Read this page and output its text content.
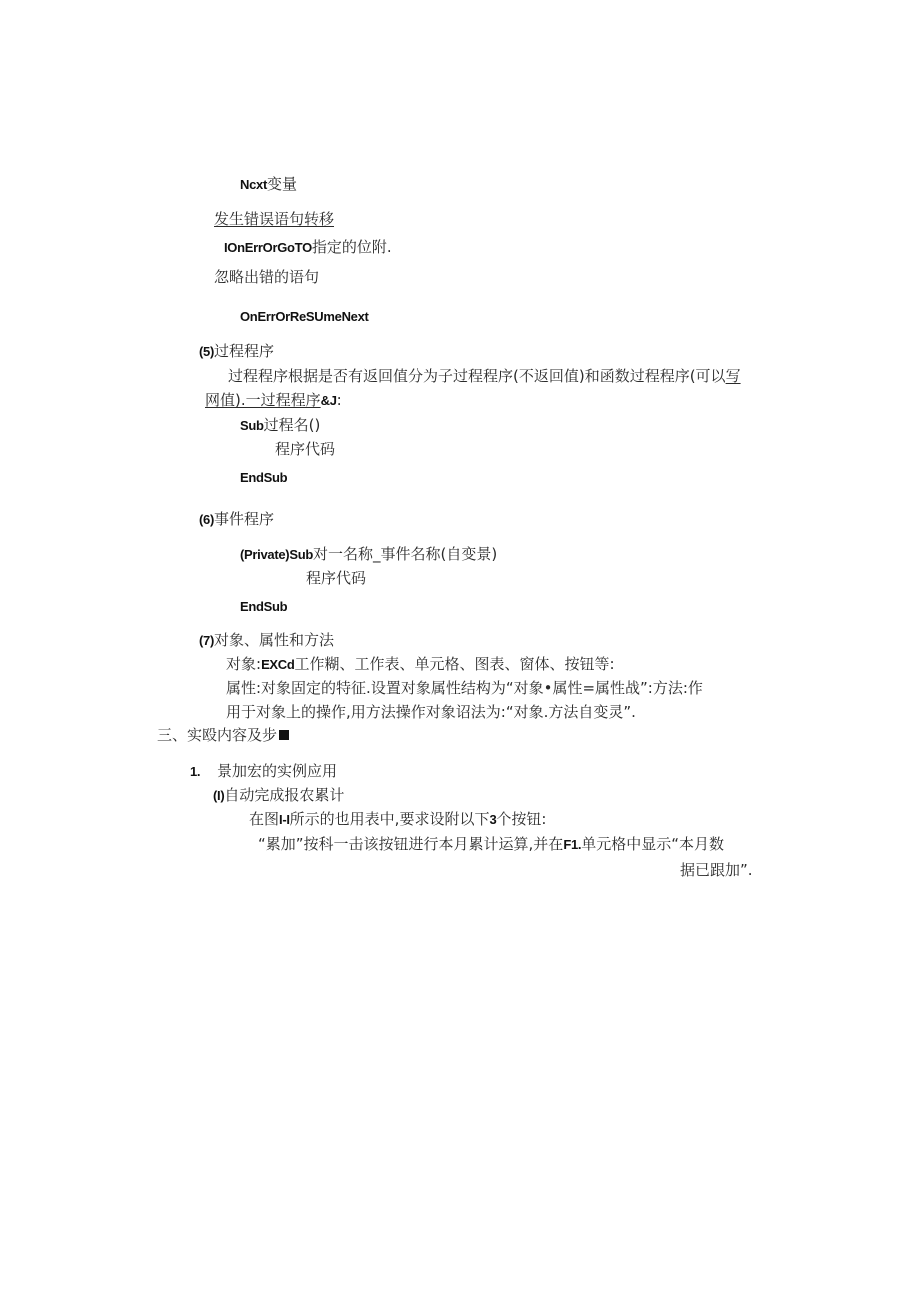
Ncxt变量
发生错误语句转移
IOnErrOrGoTO指定的位附.
忽略出错的语句
OnErrOrReSUmeNext
(5)过程程序
过程程序根据是否有返回值分为子过程程序(不返回值)和函数过程程序(可以写
网值).一过程程序&J:
Sub过程名()
程序代码
EndSub
(6)事件程序
(Private)Sub对一名称_事件名称(自变景)
程序代码
EndSub
(7)对象、属性和方法
对象:EXCd工作糊、工作表、单元格、图表、窗体、按钮等:
属性:对象固定的特征.设置对象属性结构为“对象•属性=属性战”:方法:作
用于对象上的操作,用方法操作对象诏法为:“对象.方法自变灵”.
三、实殴内容及步
1. 景加宏的实例应用
(I)自动完成报农累计
在图I-I所示的也用表中,要求设附以下3个按钮:
“累加”按科一击该按钮进行本月累计运算,并在F1.单元格中显示“本月数
据已跟加”.
